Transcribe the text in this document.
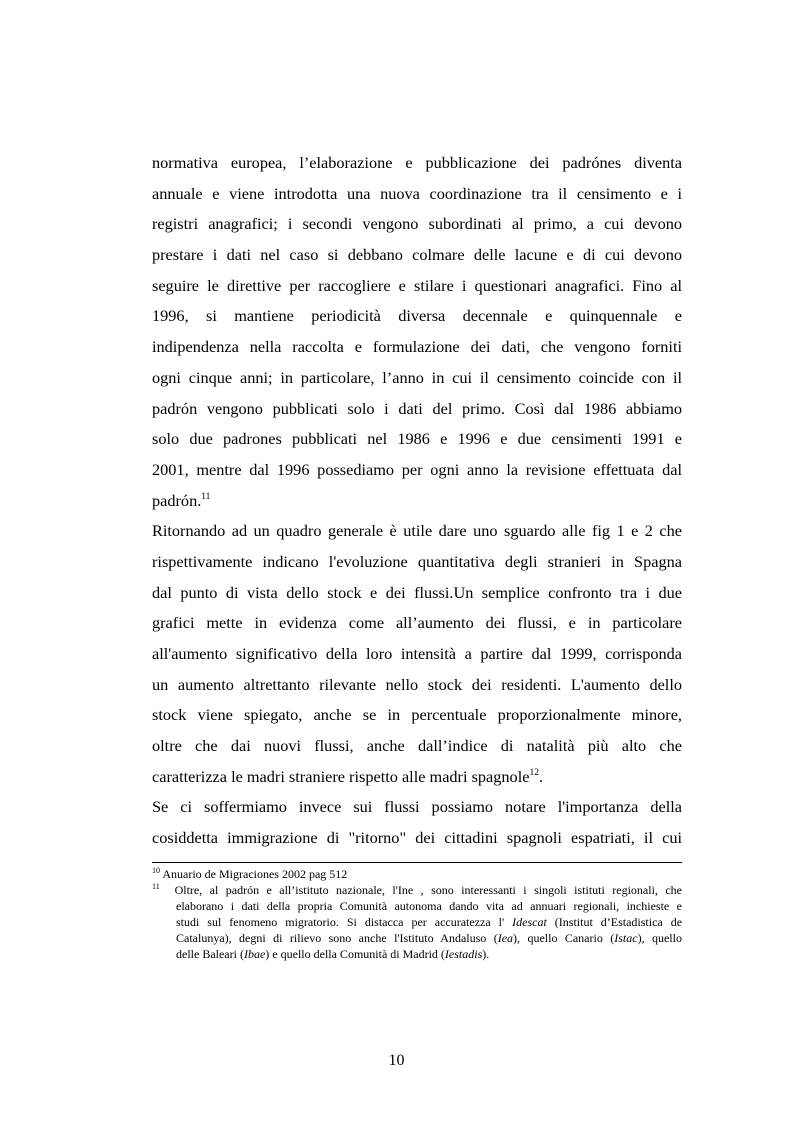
normativa europea, l’elaborazione e pubblicazione dei padrónes diventa
annuale e viene introdotta una nuova coordinazione tra il censimento e i
registri anagrafici; i secondi vengono subordinati al primo, a cui devono
prestare i dati nel caso si debbano colmare delle lacune e di cui devono
seguire le direttive per raccogliere e stilare i questionari anagrafici. Fino al
1996, si mantiene periodicità diversa decennale e quinquennale e
indipendenza nella raccolta e formulazione dei dati, che vengono forniti
ogni cinque anni; in particolare, l’anno in cui il censimento coincide con il
padrón vengono pubblicati solo i dati del primo. Così dal 1986 abbiamo
solo due padrones pubblicati nel 1986 e 1996 e due censimenti 1991 e
2001, mentre dal 1996 possediamo per ogni anno la revisione effettuata dal
padrón.$^{11}$
Ritornando ad un quadro generale è utile dare uno sguardo alle fig 1 e 2 che
rispettivamente indicano l'evoluzione quantitativa degli stranieri in Spagna
dal punto di vista dello stock e dei flussi.Un semplice confronto tra i due
grafici mette in evidenza come all’aumento dei flussi, e in particolare
all'aumento significativo della loro intensità a partire dal 1999, corrisponda
un aumento altrettanto rilevante nello stock dei residenti. L'aumento dello
stock viene spiegato, anche se in percentuale proporzionalmente minore,
oltre che dai nuovi flussi, anche dall’indice di natalità più alto che
caratterizza le madri straniere rispetto alle madri spagnole$^{12}$.
Se ci soffermiamo invece sui flussi possiamo notare l'importanza della
cosiddetta immigrazione di "ritorno" dei cittadini spagnoli espatriati, il cui
$^{10}$ Anuario de Migraciones 2002 pag 512
$^{11}$ Oltre, al padrón e all’istituto nazionale, l'Ine , sono interessanti i singoli istituti regionali, che
elaborano i dati della propria Comunità autonoma dando vita ad annuari regionali, inchieste e
studi sul fenomeno migratorio. Si distacca per accuratezza l' Idescat (Institut d’Estadistica de
Catalunya), degni di rilievo sono anche l'Istituto Andaluso (Iea), quello Canario (Istac), quello
delle Baleari (Ibae) e quello della Comunità di Madrid (Iestadis).
10
